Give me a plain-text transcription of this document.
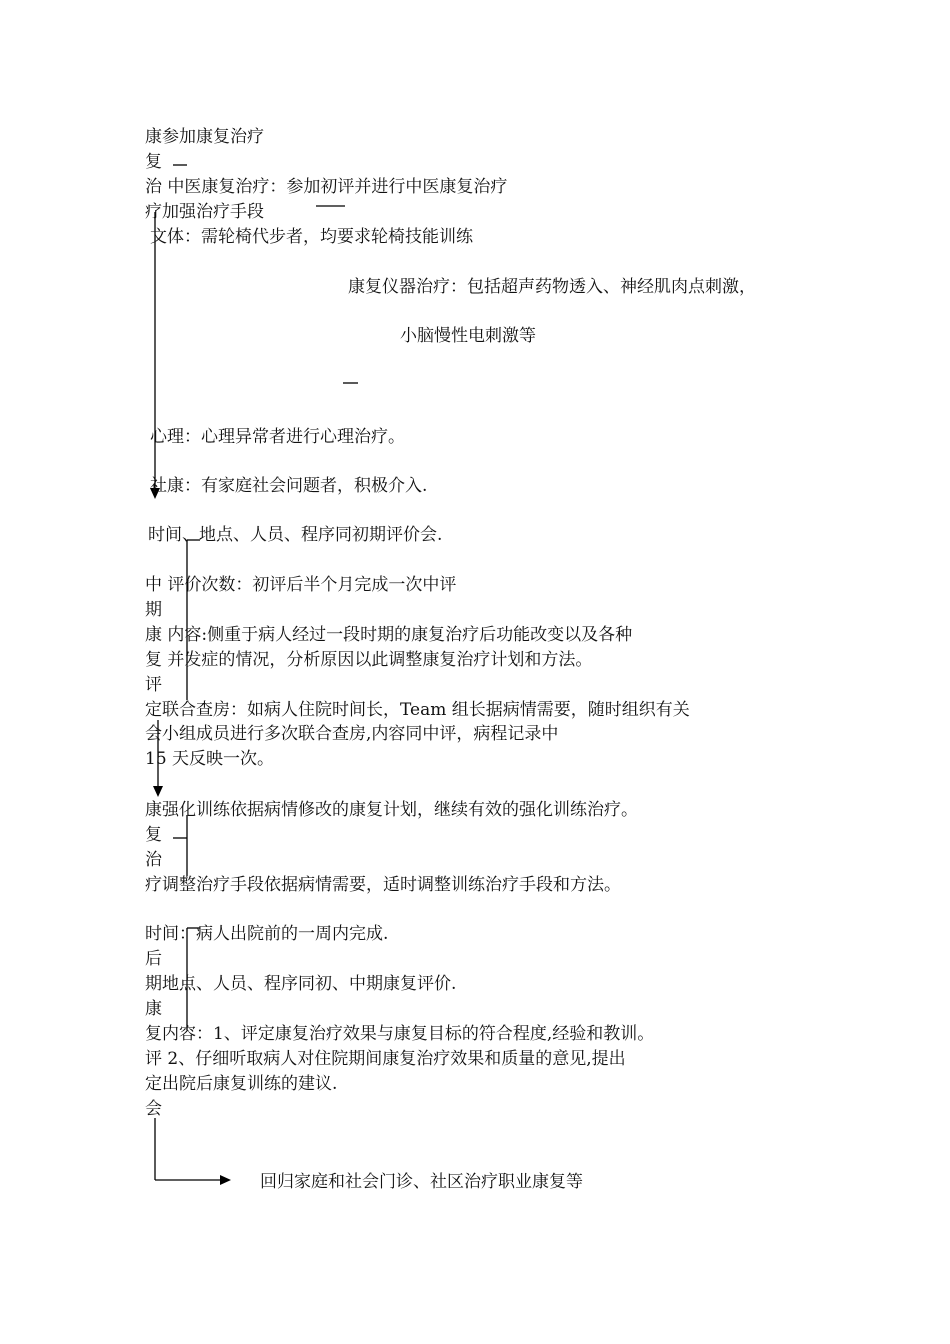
康参加康复治疗
复
治 中医康复治疗：参加初评并进行中医康复治疗
疗加强治疗手段
文体：需轮椅代步者，均要求轮椅技能训练
康复仪器治疗：包括超声药物透入、神经肌肉点刺激，
小脑慢性电刺激等
心理：心理异常者进行心理治疗。
社康：有家庭社会问题者，积极介入.
时间、地点、人员、程序同初期评价会.
中 评价次数：初评后半个月完成一次中评
期
康 内容:侧重于病人经过一段时期的康复治疗后功能改变以及各种
复 并发症的情况，分析原因以此调整康复治疗计划和方法。
评
定联合查房：如病人住院时间长，Team 组长据病情需要，随时组织有关
会小组成员进行多次联合查房,内容同中评，病程记录中
15 天反映一次。
康强化训练依据病情修改的康复计划，继续有效的强化训练治疗。
复
治
疗调整治疗手段依据病情需要，适时调整训练治疗手段和方法。
时间：病人出院前的一周内完成.
后
期地点、人员、程序同初、中期康复评价.
康
复内容：1、评定康复治疗效果与康复目标的符合程度,经验和教训。
评 2、仔细听取病人对住院期间康复治疗效果和质量的意见,提出
定出院后康复训练的建议.
会
回归家庭和社会门诊、社区治疗职业康复等
